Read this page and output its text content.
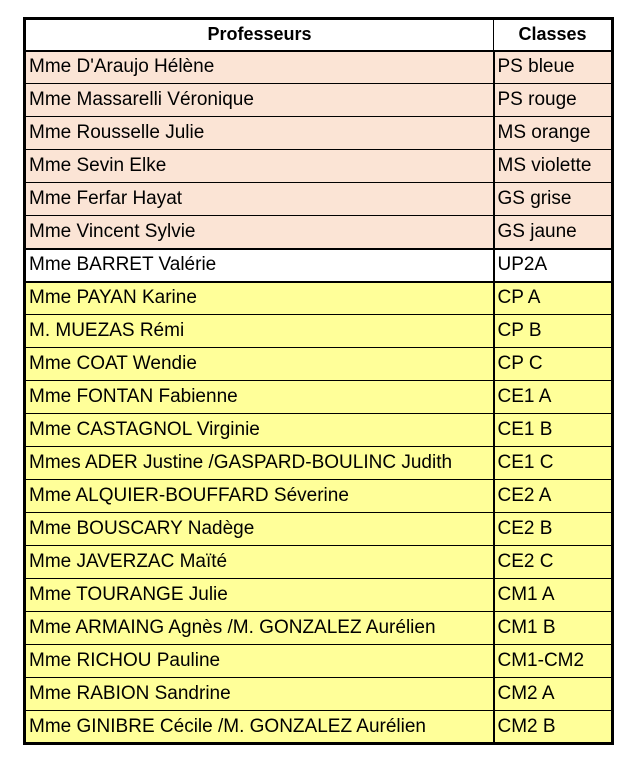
Professeurs	Classes
Mme D'Araujo Hélène	PS bleue
Mme Massarelli Véronique	PS rouge
Mme Rousselle Julie	MS orange
Mme Sevin Elke	MS violette
Mme Ferfar Hayat	GS grise
Mme Vincent Sylvie	GS jaune
Mme BARRET Valérie	UP2A
Mme PAYAN Karine	CP A
M. MUEZAS Rémi	CP B
Mme COAT Wendie	CP C
Mme FONTAN Fabienne	CE1 A
Mme CASTAGNOL Virginie	CE1 B
Mmes ADER Justine /GASPARD-BOULINC Judith	CE1 C
Mme ALQUIER-BOUFFARD Séverine	CE2 A
Mme BOUSCARY Nadège	CE2 B
Mme JAVERZAC Maïté	CE2 C
Mme TOURANGE Julie	CM1 A
Mme ARMAING Agnès /M. GONZALEZ Aurélien	CM1 B
Mme RICHOU Pauline	CM1-CM2
Mme RABION Sandrine	CM2 A
Mme GINIBRE Cécile /M. GONZALEZ Aurélien	CM2 B
